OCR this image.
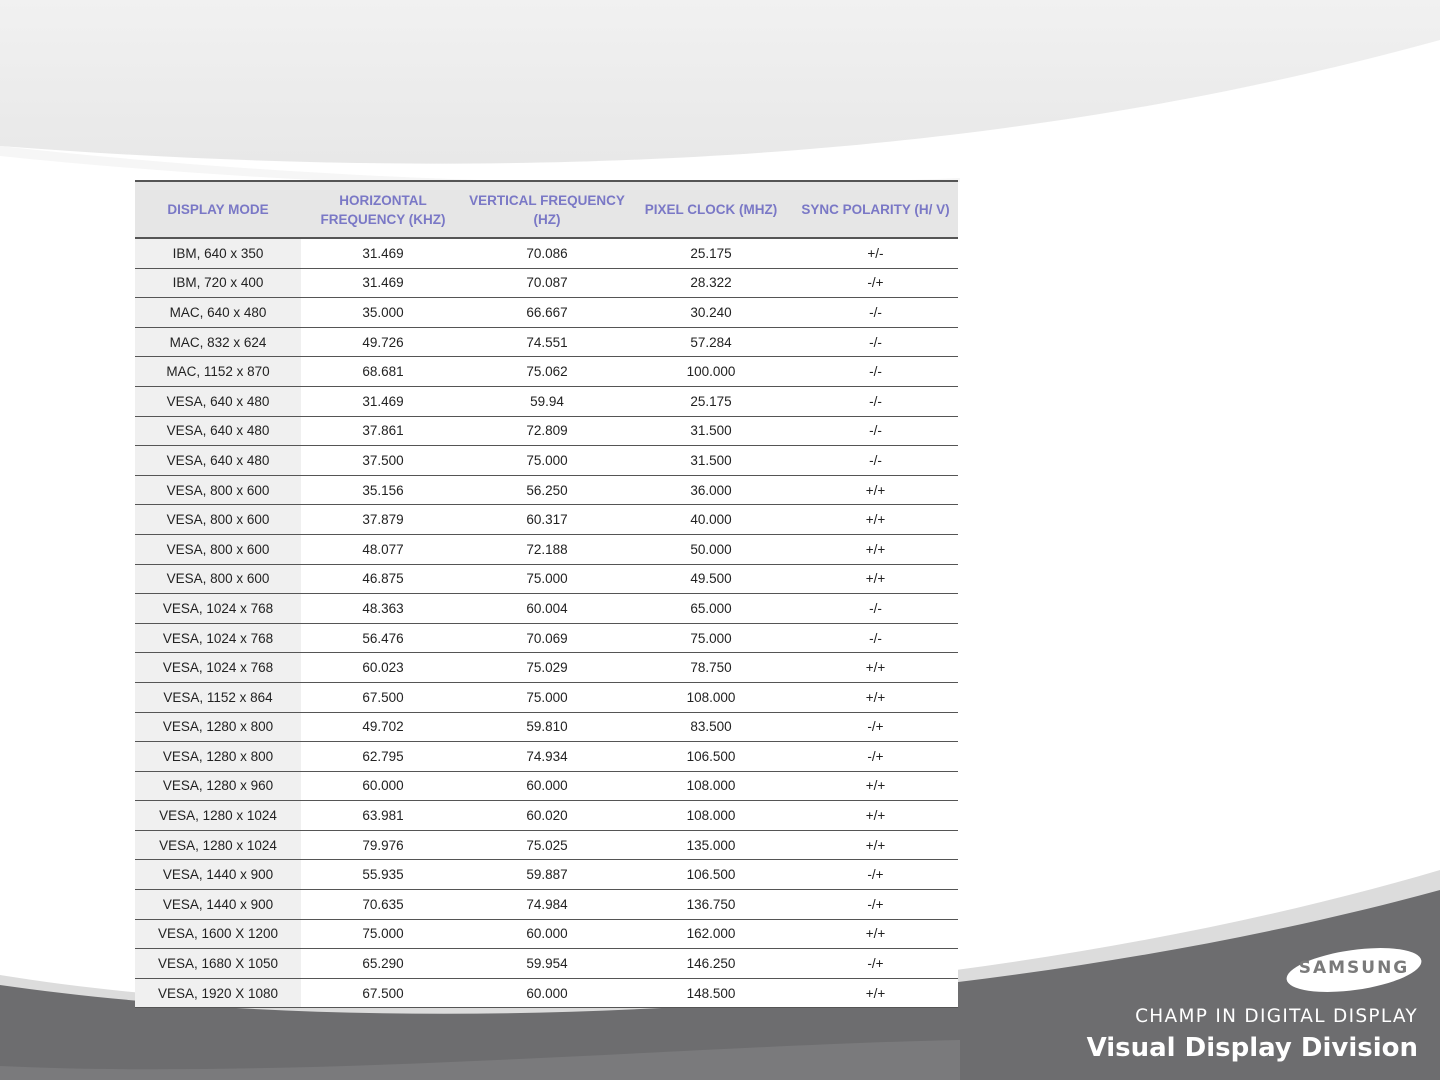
DISPLAY MODE	HORIZONTAL FREQUENCY (KHZ)	VERTICAL FREQUENCY (HZ)	PIXEL CLOCK (MHZ)	SYNC POLARITY (H/ V)
IBM, 640 x 350	31.469	70.086	25.175	+/-
IBM, 720 x 400	31.469	70.087	28.322	-/+
MAC, 640 x 480	35.000	66.667	30.240	-/-
MAC, 832 x 624	49.726	74.551	57.284	-/-
MAC, 1152 x 870	68.681	75.062	100.000	-/-
VESA, 640 x 480	31.469	59.94	25.175	-/-
VESA, 640 x 480	37.861	72.809	31.500	-/-
VESA, 640 x 480	37.500	75.000	31.500	-/-
VESA, 800 x 600	35.156	56.250	36.000	+/+
VESA, 800 x 600	37.879	60.317	40.000	+/+
VESA, 800 x 600	48.077	72.188	50.000	+/+
VESA, 800 x 600	46.875	75.000	49.500	+/+
VESA, 1024 x 768	48.363	60.004	65.000	-/-
VESA, 1024 x 768	56.476	70.069	75.000	-/-
VESA, 1024 x 768	60.023	75.029	78.750	+/+
VESA, 1152 x 864	67.500	75.000	108.000	+/+
VESA, 1280 x 800	49.702	59.810	83.500	-/+
VESA, 1280 x 800	62.795	74.934	106.500	-/+
VESA, 1280 x 960	60.000	60.000	108.000	+/+
VESA, 1280 x 1024	63.981	60.020	108.000	+/+
VESA, 1280 x 1024	79.976	75.025	135.000	+/+
VESA, 1440 x 900	55.935	59.887	106.500	-/+
VESA, 1440 x 900	70.635	74.984	136.750	-/+
VESA, 1600 X 1200	75.000	60.000	162.000	+/+
VESA, 1680 X 1050	65.290	59.954	146.250	-/+
VESA, 1920 X 1080	67.500	60.000	148.500	+/+
SAMSUNG
CHAMP IN DIGITAL DISPLAY
Visual Display Division
